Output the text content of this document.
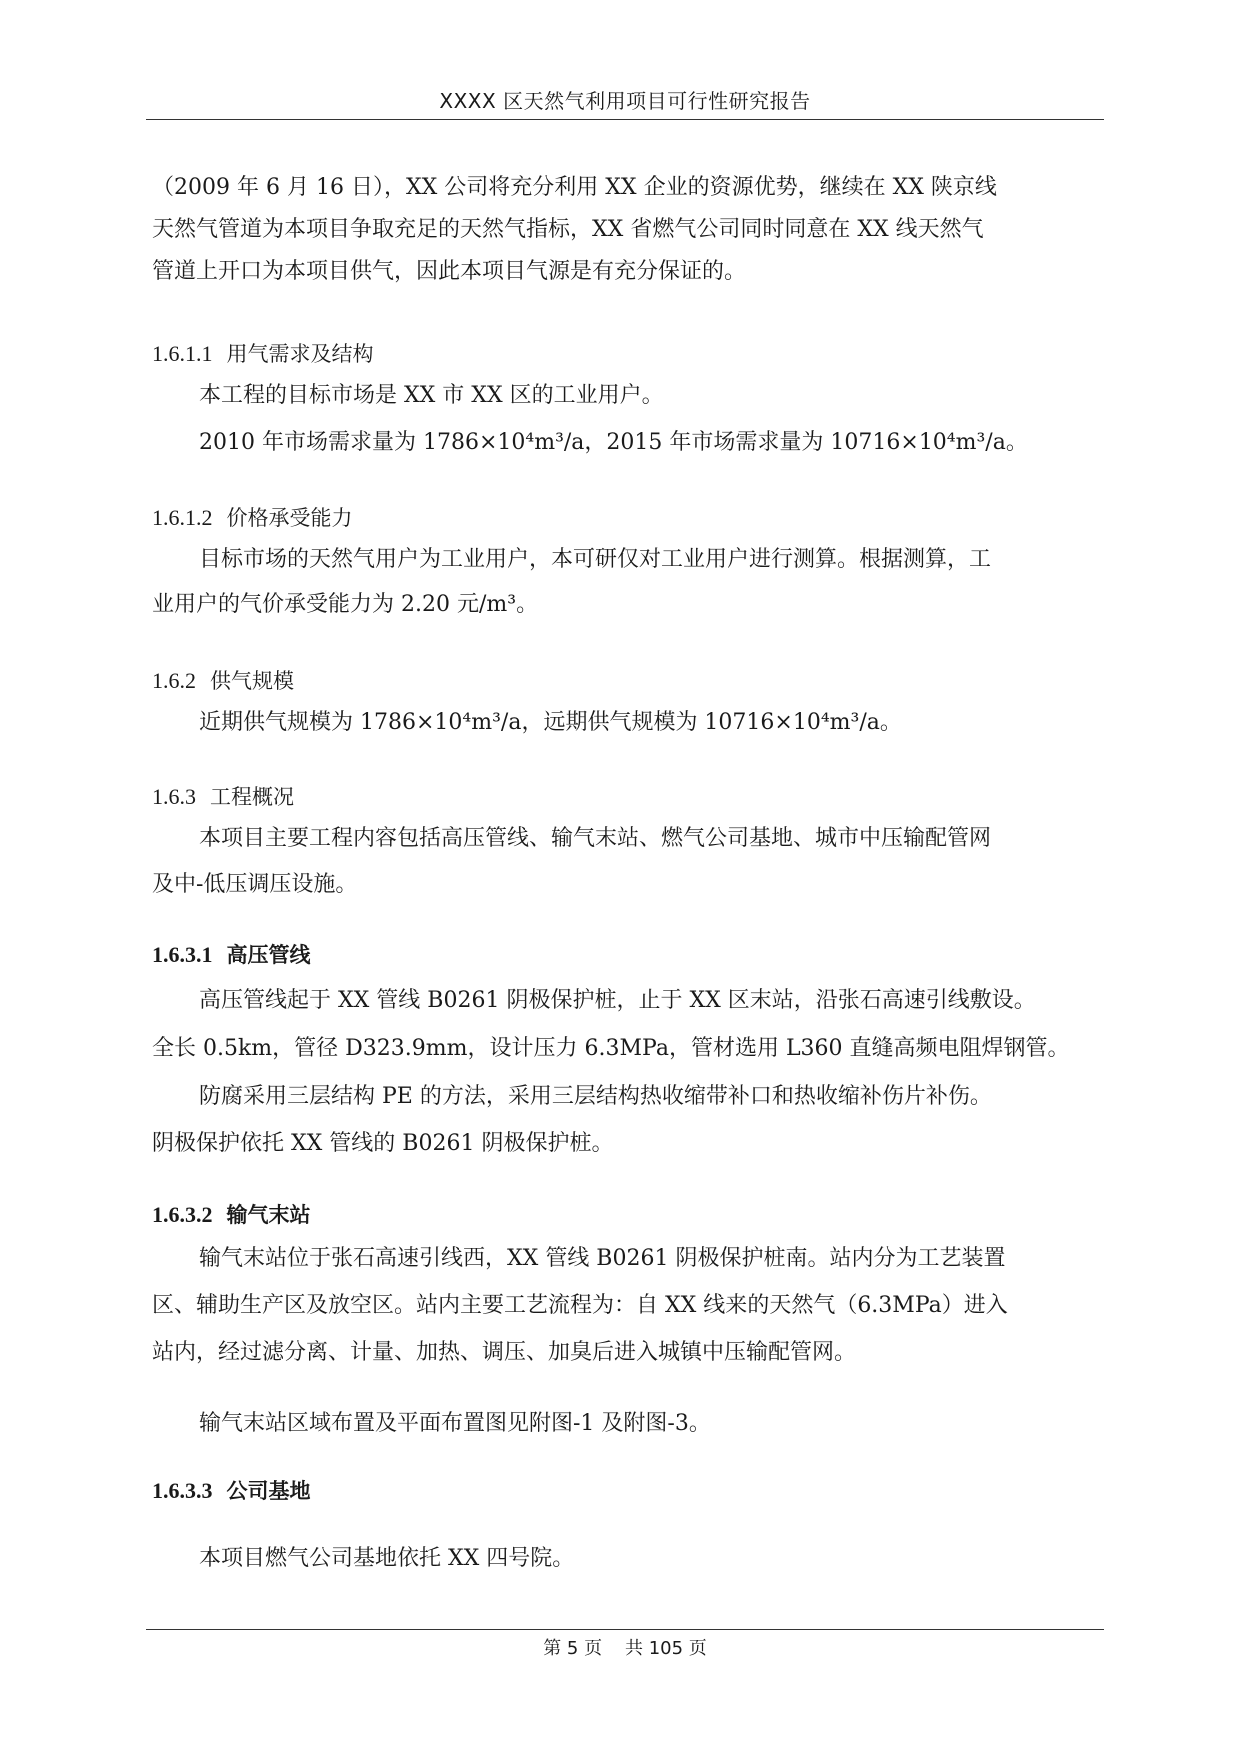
XXXX 区天然气利用项目可行性研究报告
（2009 年 6 月 16 日），XX 公司将充分利用 XX 企业的资源优势，继续在 XX 陕京线
天然气管道为本项目争取充足的天然气指标，XX 省燃气公司同时同意在 XX 线天然气
管道上开口为本项目供气，因此本项目气源是有充分保证的。
1.6.1.1 用气需求及结构
本工程的目标市场是 XX 市 XX 区的工业用户。
2010 年市场需求量为 1786×10⁴m³/a，2015 年市场需求量为 10716×10⁴m³/a。
1.6.1.2 价格承受能力
目标市场的天然气用户为工业用户，本可研仅对工业用户进行测算。根据测算，工
业用户的气价承受能力为 2.20 元/m³。
1.6.2 供气规模
近期供气规模为 1786×10⁴m³/a，远期供气规模为 10716×10⁴m³/a。
1.6.3 工程概况
本项目主要工程内容包括高压管线、输气末站、燃气公司基地、城市中压输配管网
及中-低压调压设施。
1.6.3.1 高压管线
高压管线起于 XX 管线 B0261 阴极保护桩，止于 XX 区末站，沿张石高速引线敷设。
全长 0.5km，管径 D323.9mm，设计压力 6.3MPa，管材选用 L360 直缝高频电阻焊钢管。
防腐采用三层结构 PE 的方法，采用三层结构热收缩带补口和热收缩补伤片补伤。
阴极保护依托 XX 管线的 B0261 阴极保护桩。
1.6.3.2 输气末站
输气末站位于张石高速引线西，XX 管线 B0261 阴极保护桩南。站内分为工艺装置
区、辅助生产区及放空区。站内主要工艺流程为：自 XX 线来的天然气（6.3MPa）进入
站内，经过滤分离、计量、加热、调压、加臭后进入城镇中压输配管网。
输气末站区域布置及平面布置图见附图-1 及附图-3。
1.6.3.3 公司基地
本项目燃气公司基地依托 XX 四号院。
第 5 页    共 105 页
